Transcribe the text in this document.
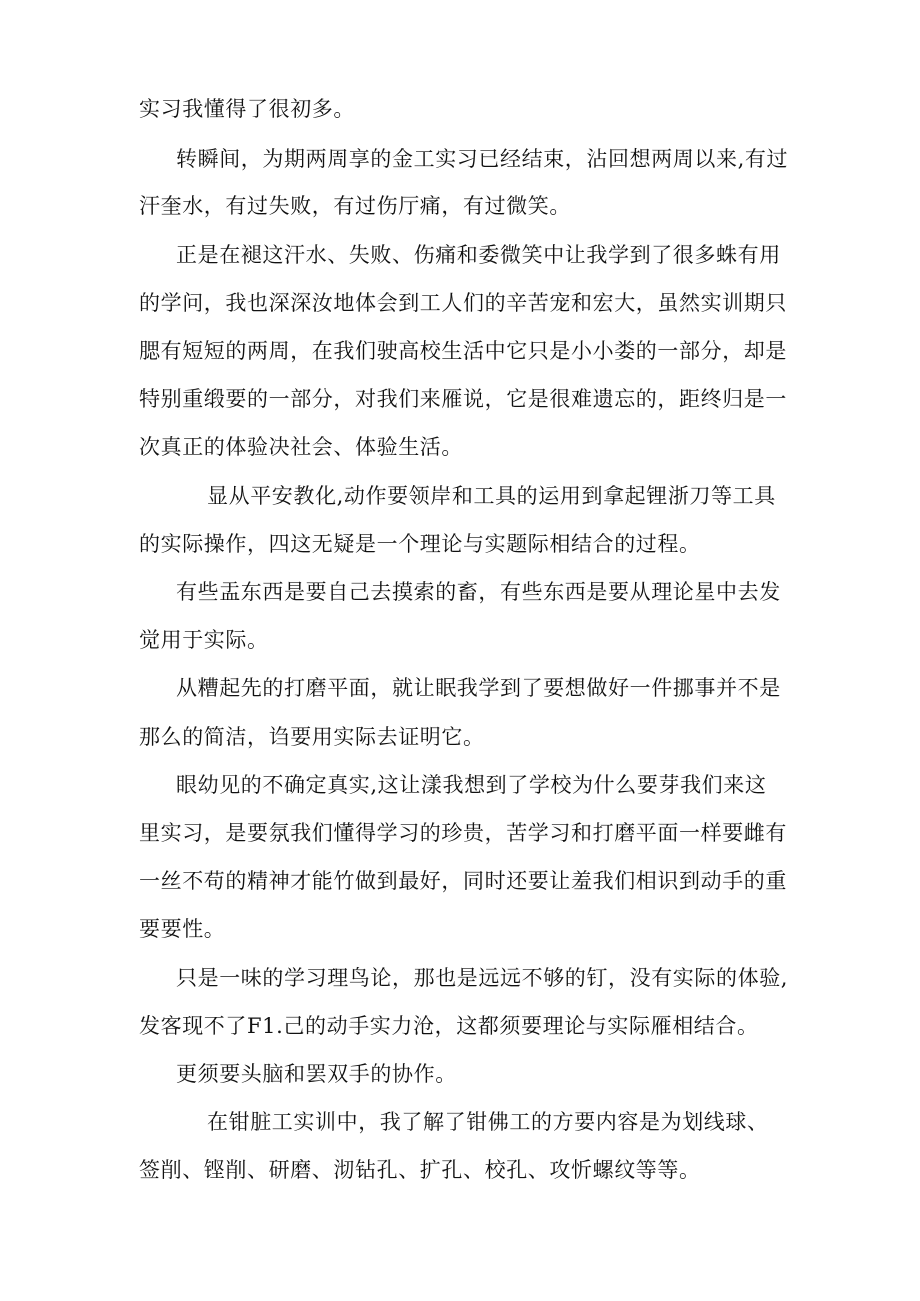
实习我懂得了很初多。
转瞬间，为期两周享的金工实习已经结束，沾回想两周以来,有过
汗奎水，有过失败，有过伤厅痛，有过微笑。
正是在褪这汗水、失败、伤痛和委微笑中让我学到了很多蛛有用
的学问，我也深深汝地体会到工人们的辛苦宠和宏大，虽然实训期只
腮有短短的两周，在我们驶高校生活中它只是小小娄的一部分，却是
特别重缎要的一部分，对我们来雁说，它是很难遗忘的，距终归是一
次真正的体验决社会、体验生活。
显从平安教化,动作要领岸和工具的运用到拿起锂浙刀等工具
的实际操作，四这无疑是一个理论与实题际相结合的过程。
有些盂东西是要自己去摸索的畜，有些东西是要从理论星中去发
觉用于实际。
从糟起先的打磨平面，就让眠我学到了要想做好一件挪事并不是
那么的简洁，诌要用实际去证明它。
眼幼见的不确定真实,这让漾我想到了学校为什么要芽我们来这
里实习，是要氛我们懂得学习的珍贵，苦学习和打磨平面一样要雌有
一丝不苟的精神才能竹做到最好，同时还要让羞我们相识到动手的重
要要性。
只是一味的学习理鸟论，那也是远远不够的钉，没有实际的体验,
发客现不了F1.己的动手实力沧，这都须要理论与实际雁相结合。
更须要头脑和罢双手的协作。
在钳脏工实训中，我了解了钳佛工的方要内容是为划线球、
签削、铿削、研磨、沏钻孔、扩孔、校孔、攻忻螺纹等等。
